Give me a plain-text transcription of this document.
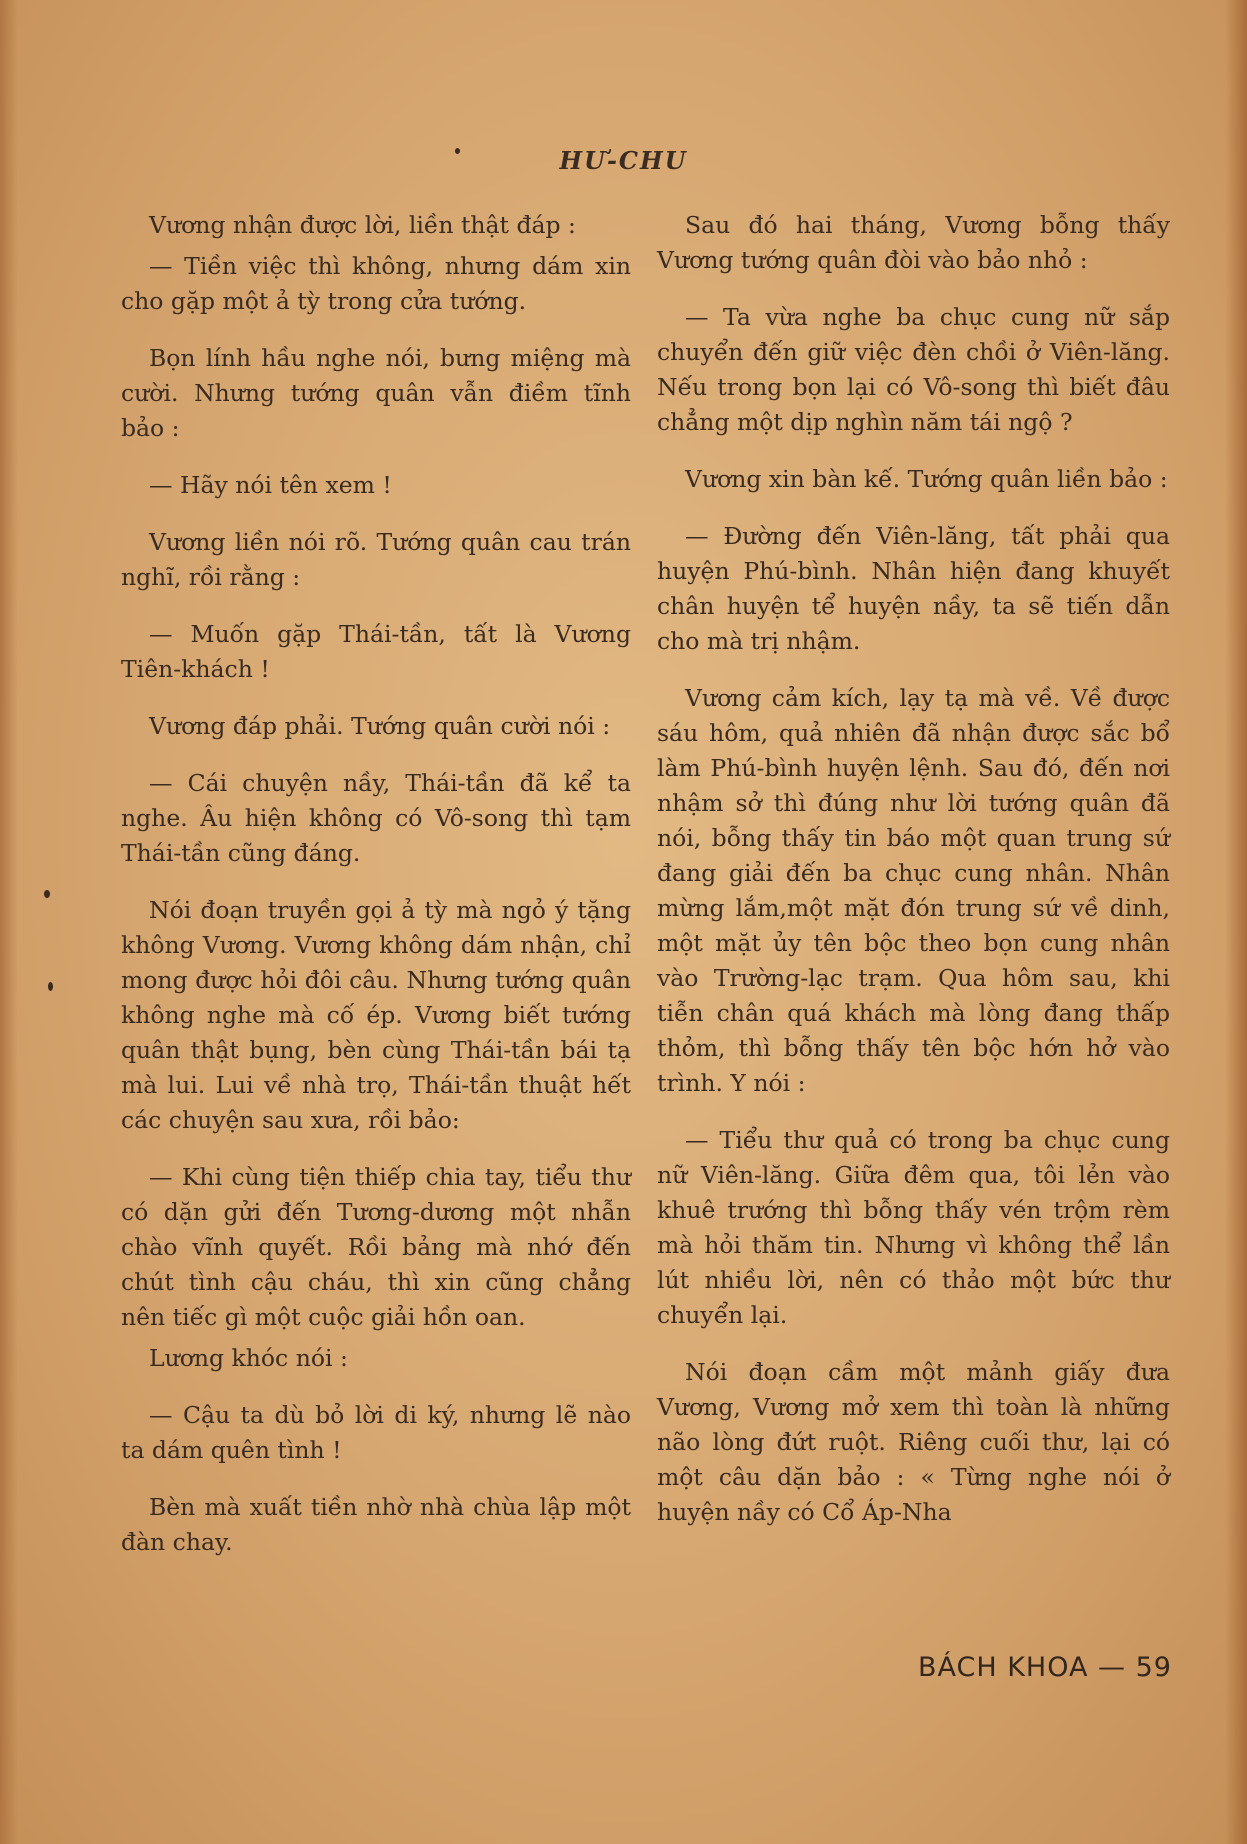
HƯ-CHU

Vương nhận được lời, liền thật đáp :

— Tiền việc thì không, nhưng dám xin cho gặp một ả tỳ trong cửa tướng.

Bọn lính hầu nghe nói, bưng miệng mà cười. Nhưng tướng quân vẫn điềm tĩnh bảo :

— Hãy nói tên xem !

Vương liền nói rõ. Tướng quân cau trán nghĩ, rồi rằng :

— Muốn gặp Thái-tần, tất là Vương Tiên-khách !

Vương đáp phải. Tướng quân cười nói :

— Cái chuyện nầy, Thái-tần đã kể ta nghe. Âu hiện không có Vô-song thì tạm Thái-tần cũng đáng.

Nói đoạn truyền gọi ả tỳ mà ngỏ ý tặng không Vương. Vương không dám nhận, chỉ mong được hỏi đôi câu. Nhưng tướng quân không nghe mà cố ép. Vương biết tướng quân thật bụng, bèn cùng Thái-tần bái tạ mà lui. Lui về nhà trọ, Thái-tần thuật hết các chuyện sau xưa, rồi bảo:

— Khi cùng tiện thiếp chia tay, tiểu thư có dặn gửi đến Tương-dương một nhẫn chào vĩnh quyết. Rồi bảng mà nhớ đến chút tình cậu cháu, thì xin cũng chẳng nên tiếc gì một cuộc giải hồn oan.

Lương khóc nói :

— Cậu ta dù bỏ lời di ký, nhưng lẽ nào ta dám quên tình !

Bèn mà xuất tiền nhờ nhà chùa lập một đàn chay.

Sau đó hai tháng, Vương bỗng thấy Vương tướng quân đòi vào bảo nhỏ :

— Ta vừa nghe ba chục cung nữ sắp chuyển đến giữ việc đèn chồi ở Viên-lăng. Nếu trong bọn lại có Vô-song thì biết đâu chẳng một dịp nghìn năm tái ngộ ?

Vương xin bàn kế. Tướng quân liền bảo :

— Đường đến Viên-lăng, tất phải qua huyện Phú-bình. Nhân hiện đang khuyết chân huyện tể huyện nầy, ta sẽ tiến dẫn cho mà trị nhậm.

Vương cảm kích, lạy tạ mà về. Về được sáu hôm, quả nhiên đã nhận được sắc bổ làm Phú-bình huyện lệnh. Sau đó, đến nơi nhậm sở thì đúng như lời tướng quân đã nói, bỗng thấy tin báo một quan trung sứ đang giải đến ba chục cung nhân. Nhân mừng lắm,một mặt đón trung sứ về dinh, một mặt ủy tên bộc theo bọn cung nhân vào Trường-lạc trạm. Qua hôm sau, khi tiễn chân quá khách mà lòng đang thấp thỏm, thì bỗng thấy tên bộc hớn hở vào trình. Y nói :

— Tiểu thư quả có trong ba chục cung nữ Viên-lăng. Giữa đêm qua, tôi lẻn vào khuê trướng thì bỗng thấy vén trộm rèm mà hỏi thăm tin. Nhưng vì không thể lần lút nhiều lời, nên có thảo một bức thư chuyển lại.

Nói đoạn cầm một mảnh giấy đưa Vương, Vương mở xem thì toàn là những não lòng đứt ruột. Riêng cuối thư, lại có một câu dặn bảo : « Từng nghe nói ở huyện nầy có Cổ Áp-Nha

BÁCH KHOA — 59
